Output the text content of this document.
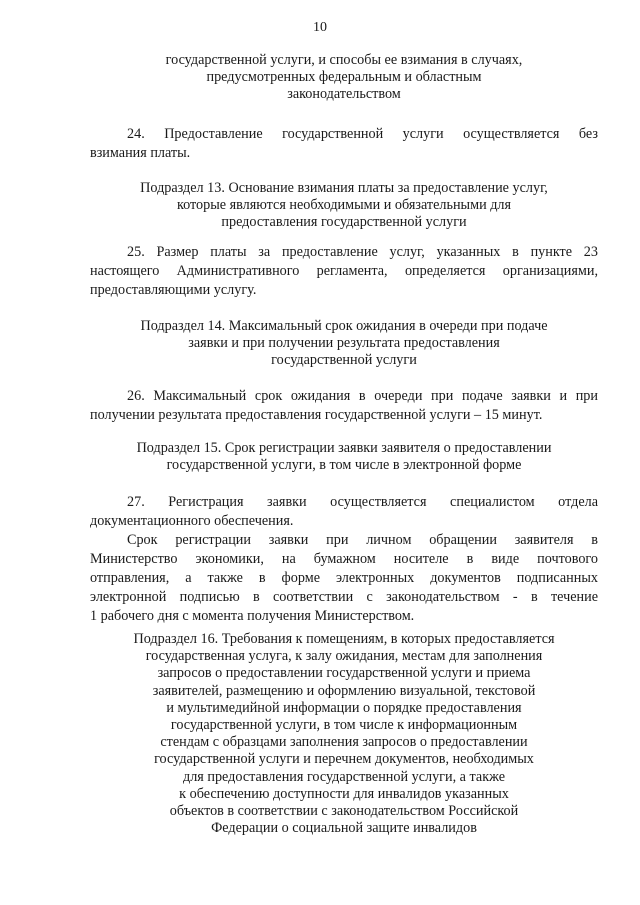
10
государственной услуги, и способы ее взимания в случаях,
предусмотренных федеральным и областным
законодательством
24. Предоставление государственной услуги осуществляется без
взимания платы.
Подраздел 13. Основание взимания платы за предоставление услуг,
которые являются необходимыми и обязательными для
предоставления государственной услуги
25. Размер платы за предоставление услуг, указанных в пункте 23
настоящего Административного регламента, определяется организациями,
предоставляющими услугу.
Подраздел 14. Максимальный срок ожидания в очереди при подаче
заявки и при получении результата предоставления
государственной услуги
26. Максимальный срок ожидания в очереди при подаче заявки и при
получении результата предоставления государственной услуги – 15 минут.
Подраздел 15. Срок регистрации заявки заявителя о предоставлении
государственной услуги, в том числе в электронной форме
27. Регистрация заявки осуществляется специалистом отдела
документационного обеспечения.
Срок регистрации заявки при личном обращении заявителя в
Министерство экономики, на бумажном носителе в виде почтового
отправления, а также в форме электронных документов подписанных
электронной подписью в соответствии с законодательством - в течение
1 рабочего дня с момента получения Министерством.
Подраздел 16. Требования к помещениям, в которых предоставляется
государственная услуга, к залу ожидания, местам для заполнения
запросов о предоставлении государственной услуги и приема
заявителей, размещению и оформлению визуальной, текстовой
и мультимедийной информации о порядке предоставления
государственной услуги, в том числе к информационным
стендам с образцами заполнения запросов о предоставлении
государственной услуги и перечнем документов, необходимых
для предоставления государственной услуги, а также
к обеспечению доступности для инвалидов указанных
объектов в соответствии с законодательством Российской
Федерации о социальной защите инвалидов
